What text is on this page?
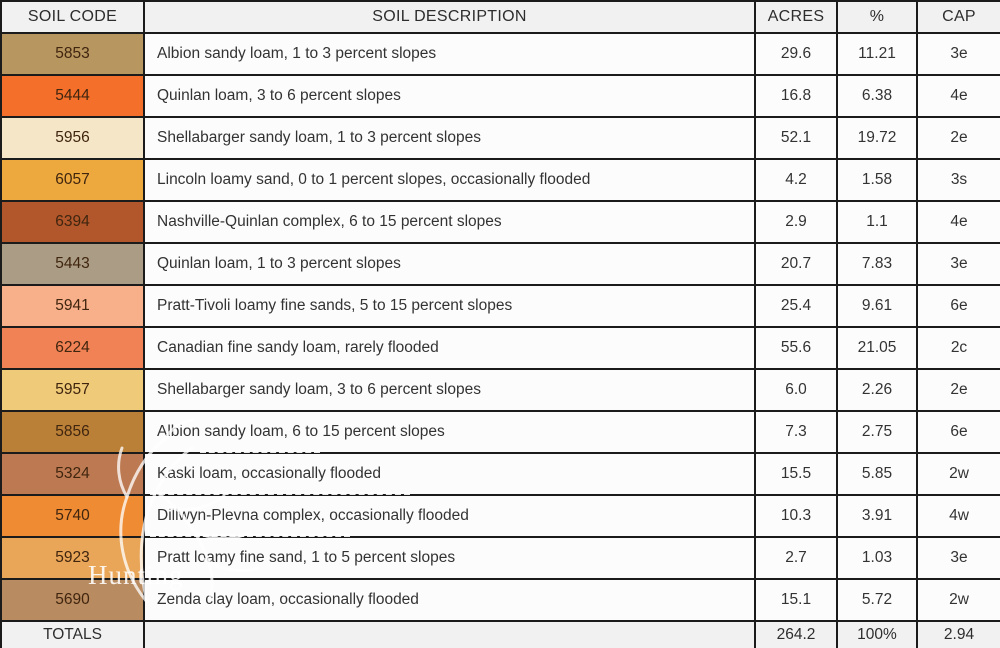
SOIL CODE	SOIL DESCRIPTION	ACRES	%	CAP
5853	Albion sandy loam, 1 to 3 percent slopes	29.6	11.21	3e
5444	Quinlan loam, 3 to 6 percent slopes	16.8	6.38	4e
5956	Shellabarger sandy loam, 1 to 3 percent slopes	52.1	19.72	2e
6057	Lincoln loamy sand, 0 to 1 percent slopes, occasionally flooded	4.2	1.58	3s
6394	Nashville-Quinlan complex, 6 to 15 percent slopes	2.9	1.1	4e
5443	Quinlan loam, 1 to 3 percent slopes	20.7	7.83	3e
5941	Pratt-Tivoli loamy fine sands, 5 to 15 percent slopes	25.4	9.61	6e
6224	Canadian fine sandy loam, rarely flooded	55.6	21.05	2c
5957	Shellabarger sandy loam, 3 to 6 percent slopes	6.0	2.26	2e
5856	Albion sandy loam, 6 to 15 percent slopes	7.3	2.75	6e
5324	Kaski loam, occasionally flooded	15.5	5.85	2w
5740	Dillwyn-Plevna complex, occasionally flooded	10.3	3.91	4w
5923	Pratt loamy fine sand, 1 to 5 percent slopes	2.7	1.03	3e
5690	Zenda clay loam, occasionally flooded	15.1	5.72	2w
TOTALS		264.2	100%	2.94
Hunting
